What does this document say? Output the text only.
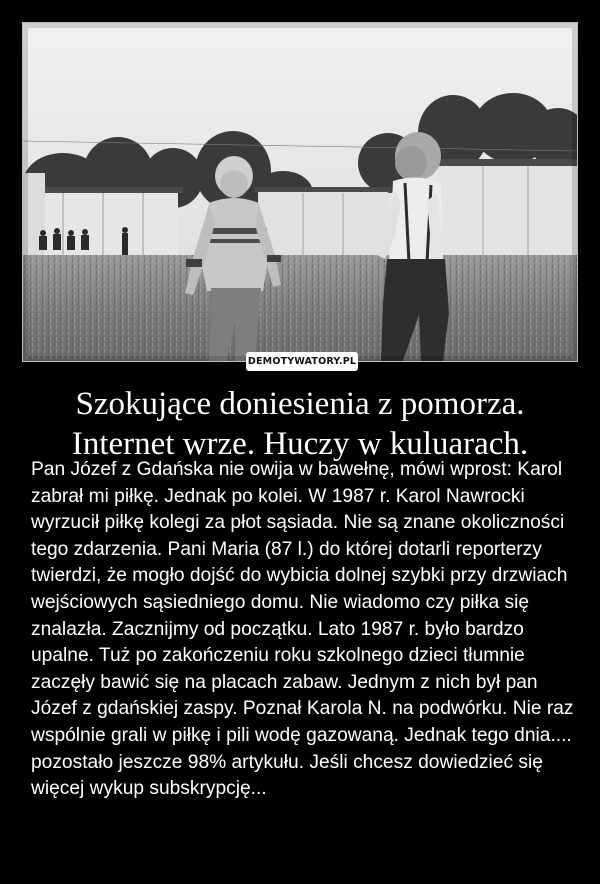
DEMOTYWATORY.PL
Szokujące doniesienia z pomorza.
Internet wrze. Huczy w kuluarach.

Pan Józef z Gdańska nie owija w bawełnę, mówi wprost: Karol zabrał mi piłkę. Jednak po kolei. W 1987 r. Karol Nawrocki wyrzucił piłkę kolegi za płot sąsiada. Nie są znane okoliczności tego zdarzenia. Pani Maria (87 l.) do której dotarli reporterzy twierdzi, że mogło dojść do wybicia dolnej szybki przy drzwiach wejściowych sąsiedniego domu. Nie wiadomo czy piłka się znalazła. Zacznijmy od początku. Lato 1987 r. było bardzo upalne. Tuż po zakończeniu roku szkolnego dzieci tłumnie zaczęły bawić się na placach zabaw. Jednym z nich był pan Józef z gdańskiej zaspy. Poznał Karola N. na podwórku. Nie raz wspólnie grali w piłkę i pili wodę gazowaną. Jednak tego dnia.... pozostało jeszcze 98% artykułu. Jeśli chcesz dowiedzieć się więcej wykup subskrypcję...
